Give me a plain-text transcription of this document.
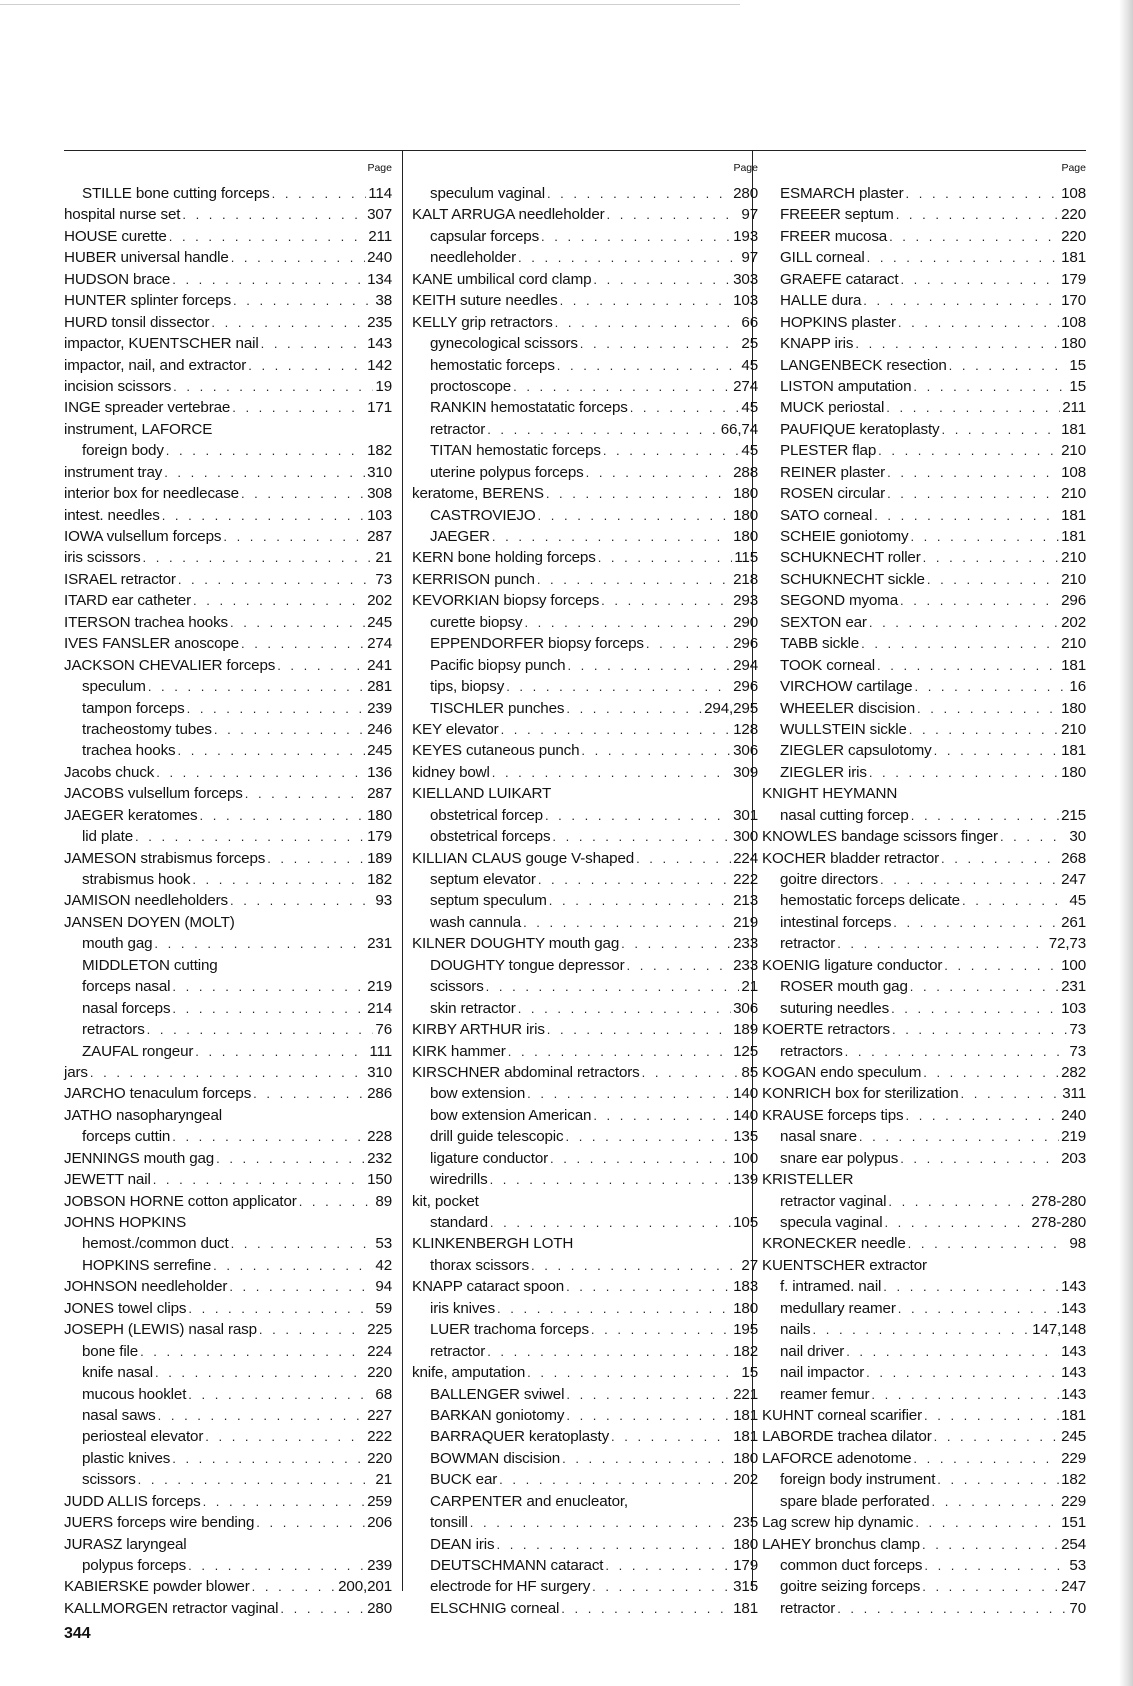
Page
STILLE bone cutting forceps . . .	114
hospital nurse set . . .	307
HOUSE curette . . .	211
HUBER universal handle . . .	240
HUDSON brace . . .	134
HUNTER splinter forceps . . .	38
HURD tonsil dissector . . .	235
impactor, KUENTSCHER nail . . .	143
impactor, nail, and extractor . . .	142
incision scissors . . .	19
INGE spreader vertebrae . . .	171
instrument, LAFORCE
foreign body . . .	182
instrument tray . . .	310
interior box for needlecase . . .	308
intest. needles . . .	103
IOWA vulsellum forceps . . .	287
iris scissors . . .	21
ISRAEL retractor . . .	73
ITARD ear catheter . . .	202
ITERSON trachea hooks . . .	245
IVES FANSLER anoscope . . .	274
JACKSON CHEVALIER forceps . . .	241
speculum . . .	281
tampon forceps . . .	239
tracheostomy tubes . . .	246
trachea hooks . . .	245
Jacobs chuck . . .	136
JACOBS vulsellum forceps . . .	287
JAEGER keratomes . . .	180
lid plate . . .	179
JAMESON strabismus forceps . . .	189
strabismus hook . . .	182
JAMISON needleholders . . .	93
JANSEN DOYEN (MOLT)
mouth gag . . .	231
MIDDLETON cutting
forceps nasal . . .	219
nasal forceps . . .	214
retractors . . .	76
ZAUFAL rongeur . . .	111
jars . . .	310
JARCHO tenaculum forceps . . .	286
JATHO nasopharyngeal
forceps cuttin . . .	228
JENNINGS mouth gag . . .	232
JEWETT nail . . .	150
JOBSON HORNE cotton applicator . . .	89
JOHNS HOPKINS
hemost./common duct . . .	53
HOPKINS serrefine . . .	42
JOHNSON needleholder . . .	94
JONES towel clips . . .	59
JOSEPH (LEWIS) nasal rasp . . .	225
bone file . . .	224
knife nasal . . .	220
mucous hooklet . . .	68
nasal saws . . .	227
periosteal elevator . . .	222
plastic knives . . .	220
scissors . . .	21
JUDD ALLIS forceps . . .	259
JUERS forceps wire bending . . .	206
JURASZ laryngeal
polypus forceps . . .	239
KABIERSKE powder blower . . .	200,201
KALLMORGEN retractor vaginal . . .	280
Page
speculum vaginal . . .	280
KALT ARRUGA needleholder . . .	97
capsular forceps . . .	193
needleholder . . .	97
KANE umbilical cord clamp . . .	303
KEITH suture needles . . .	103
KELLY grip retractors . . .	66
gynecological scissors . . .	25
hemostatic forceps . . .	45
proctoscope . . .	274
RANKIN hemostatatic forceps . . .	45
retractor . . .	66,74
TITAN hemostatic forceps . . .	45
uterine polypus forceps . . .	288
keratome, BERENS . . .	180
CASTROVIEJO . . .	180
JAEGER . . .	180
KERN bone holding forceps . . .	115
KERRISON punch . . .	218
KEVORKIAN biopsy forceps . . .	293
curette biopsy . . .	290
EPPENDORFER biopsy forceps . . .	296
Pacific biopsy punch . . .	294
tips, biopsy . . .	296
TISCHLER punches . . .	294,295
KEY elevator . . .	128
KEYES cutaneous punch . . .	306
kidney bowl . . .	309
KIELLAND LUIKART
obstetrical forcep . . .	301
obstetrical forceps . . .	300
KILLIAN CLAUS gouge V-shaped . . .	224
septum elevator . . .	222
septum speculum . . .	213
wash cannula . . .	219
KILNER DOUGHTY mouth gag . . .	233
DOUGHTY tongue depressor . . .	233
scissors . . .	21
skin retractor . . .	306
KIRBY ARTHUR iris . . .	189
KIRK hammer . . .	125
KIRSCHNER abdominal retractors . . .	85
bow extension . . .	140
bow extension American . . .	140
drill guide telescopic . . .	135
ligature conductor . . .	100
wiredrills . . .	139
kit, pocket
standard . . .	105
KLINKENBERGH LOTH
thorax scissors . . .	27
KNAPP cataract spoon . . .	183
iris knives . . .	180
LUER trachoma forceps . . .	195
retractor . . .	182
knife, amputation . . .	15
BALLENGER sviwel . . .	221
BARKAN goniotomy . . .	181
BARRAQUER keratoplasty . . .	181
BOWMAN discision . . .	180
BUCK ear . . .	202
CARPENTER and enucleator,
tonsill . . .	235
DEAN iris . . .	180
DEUTSCHMANN cataract . . .	179
electrode for HF surgery . . .	315
ELSCHNIG corneal . . .	181
Page
ESMARCH plaster . . .	108
FREEER septum . . .	220
FREER mucosa . . .	220
GILL corneal . . .	181
GRAEFE cataract . . .	179
HALLE dura . . .	170
HOPKINS plaster . . .	108
KNAPP iris . . .	180
LANGENBECK resection . . .	15
LISTON amputation . . .	15
MUCK periostal . . .	211
PAUFIQUE keratoplasty . . .	181
PLESTER flap . . .	210
REINER plaster . . .	108
ROSEN circular . . .	210
SATO corneal . . .	181
SCHEIE goniotomy . . .	181
SCHUKNECHT roller . . .	210
SCHUKNECHT sickle . . .	210
SEGOND myoma . . .	296
SEXTON ear . . .	202
TABB sickle . . .	210
TOOK corneal . . .	181
VIRCHOW cartilage . . .	16
WHEELER discision . . .	180
WULLSTEIN sickle . . .	210
ZIEGLER capsulotomy . . .	181
ZIEGLER iris . . .	180
KNIGHT HEYMANN
nasal cutting forcep . . .	215
KNOWLES bandage scissors finger . . .	30
KOCHER bladder retractor . . .	268
goitre directors . . .	247
hemostatic forceps delicate . . .	45
intestinal forceps . . .	261
retractor . . .	72,73
KOENIG ligature conductor . . .	100
ROSER mouth gag . . .	231
suturing needles . . .	103
KOERTE retractors . . .	73
retractors . . .	73
KOGAN endo speculum . . .	282
KONRICH box for sterilization . . .	311
KRAUSE forceps tips . . .	240
nasal snare . . .	219
snare ear polypus . . .	203
KRISTELLER
retractor vaginal . . .	278-280
specula vaginal . . .	278-280
KRONECKER needle . . .	98
KUENTSCHER extractor
f. intramed. nail . . .	143
medullary reamer . . .	143
nails . . .	147,148
nail driver . . .	143
nail impactor . . .	143
reamer femur . . .	143
KUHNT corneal scarifier . . .	181
LABORDE trachea dilator . . .	245
LAFORCE adenotome . . .	229
foreign body instrument . . .	182
spare blade perforated . . .	229
Lag screw hip dynamic . . .	151
LAHEY bronchus clamp . . .	254
common duct forceps . . .	53
goitre seizing forceps . . .	247
retractor . . .	70
344
